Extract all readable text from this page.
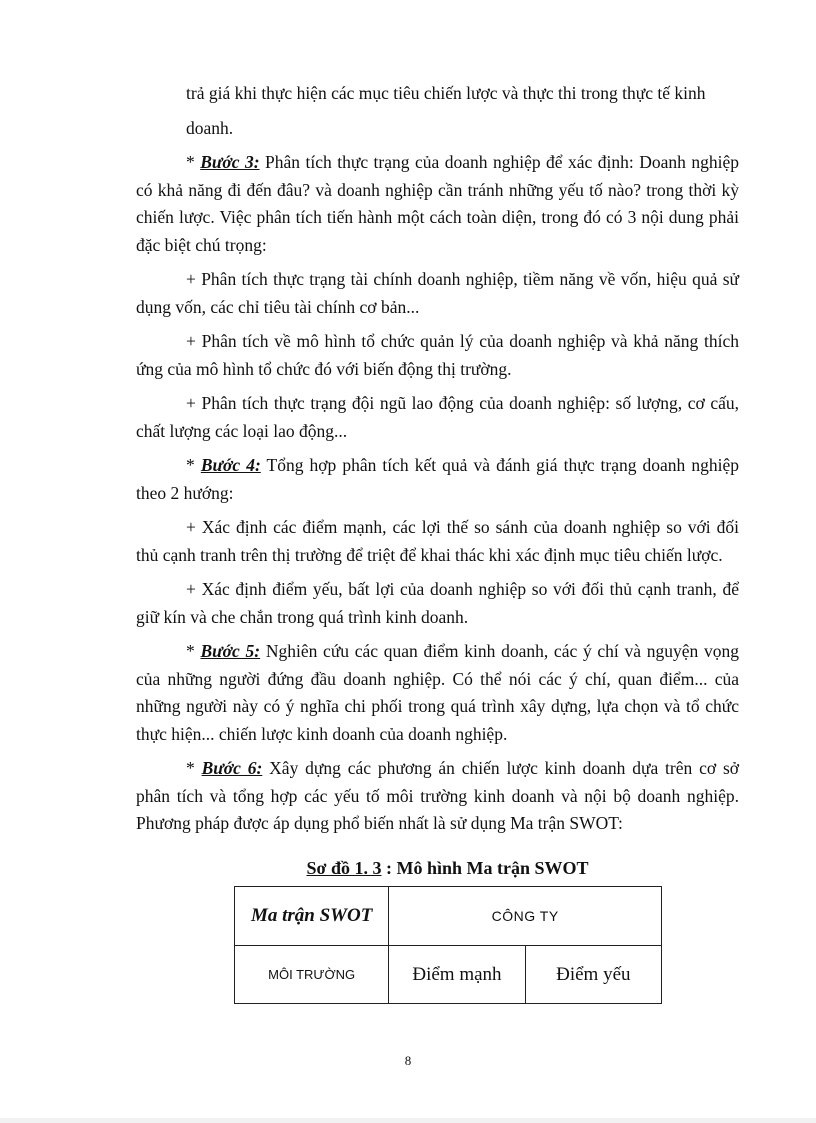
trả giá khi thực hiện các mục tiêu chiến lược và thực thi trong thực tế kinh

doanh.

* Bước 3: Phân tích thực trạng của doanh nghiệp để xác định: Doanh nghiệp có khả năng đi đến đâu? và doanh nghiệp cần tránh những yếu tố nào? trong thời kỳ chiến lược. Việc phân tích tiến hành một cách toàn diện, trong đó có 3 nội dung phải đặc biệt chú trọng:

+ Phân tích thực trạng tài chính doanh nghiệp, tiềm năng về vốn, hiệu quả sử dụng vốn, các chỉ tiêu tài chính cơ bản...

+ Phân tích về mô hình tổ chức quản lý của doanh nghiệp và khả năng thích ứng của mô hình tổ chức đó với biến động thị trường.

+ Phân tích thực trạng đội ngũ lao động của doanh nghiệp: số lượng, cơ cấu, chất lượng các loại lao động...

* Bước 4: Tổng hợp phân tích kết quả và đánh giá thực trạng doanh nghiệp theo 2 hướng:

+ Xác định các điểm mạnh, các lợi thế so sánh của doanh nghiệp so với đối thủ cạnh tranh trên thị trường để triệt để khai thác khi xác định mục tiêu chiến lược.

+ Xác định điểm yếu, bất lợi của doanh nghiệp so với đối thủ cạnh tranh, để giữ kín và che chắn trong quá trình kinh doanh.

* Bước 5: Nghiên cứu các quan điểm kinh doanh, các ý chí và nguyện vọng của những người đứng đầu doanh nghiệp. Có thể nói các ý chí, quan điểm... của những người này có ý nghĩa chi phối trong quá trình xây dựng, lựa chọn và tổ chức thực hiện... chiến lược kinh doanh của doanh nghiệp.

* Bước 6: Xây dựng các phương án chiến lược kinh doanh dựa trên cơ sở phân tích và tổng hợp các yếu tố môi trường kinh doanh và nội bộ doanh nghiệp. Phương pháp được áp dụng phổ biến nhất là sử dụng Ma trận SWOT:

Sơ đồ 1. 3 : Mô hình Ma trận SWOT
Ma trận SWOT	CÔNG TY	
MÔI TRƯỜNG	Điểm mạnh	Điểm yếu
8
